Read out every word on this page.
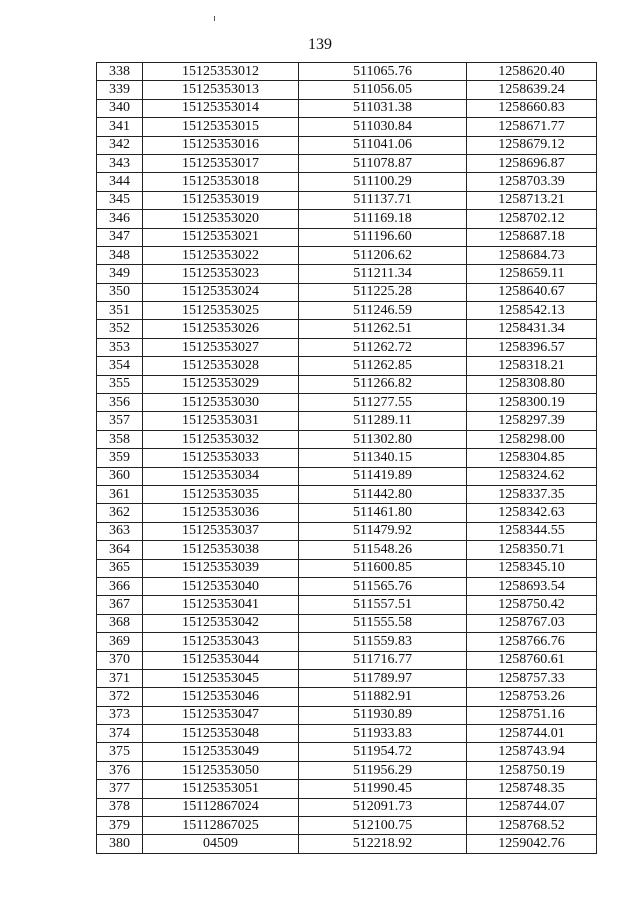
139
338	15125353012	511065.76	1258620.40
339	15125353013	511056.05	1258639.24
340	15125353014	511031.38	1258660.83
341	15125353015	511030.84	1258671.77
342	15125353016	511041.06	1258679.12
343	15125353017	511078.87	1258696.87
344	15125353018	511100.29	1258703.39
345	15125353019	511137.71	1258713.21
346	15125353020	511169.18	1258702.12
347	15125353021	511196.60	1258687.18
348	15125353022	511206.62	1258684.73
349	15125353023	511211.34	1258659.11
350	15125353024	511225.28	1258640.67
351	15125353025	511246.59	1258542.13
352	15125353026	511262.51	1258431.34
353	15125353027	511262.72	1258396.57
354	15125353028	511262.85	1258318.21
355	15125353029	511266.82	1258308.80
356	15125353030	511277.55	1258300.19
357	15125353031	511289.11	1258297.39
358	15125353032	511302.80	1258298.00
359	15125353033	511340.15	1258304.85
360	15125353034	511419.89	1258324.62
361	15125353035	511442.80	1258337.35
362	15125353036	511461.80	1258342.63
363	15125353037	511479.92	1258344.55
364	15125353038	511548.26	1258350.71
365	15125353039	511600.85	1258345.10
366	15125353040	511565.76	1258693.54
367	15125353041	511557.51	1258750.42
368	15125353042	511555.58	1258767.03
369	15125353043	511559.83	1258766.76
370	15125353044	511716.77	1258760.61
371	15125353045	511789.97	1258757.33
372	15125353046	511882.91	1258753.26
373	15125353047	511930.89	1258751.16
374	15125353048	511933.83	1258744.01
375	15125353049	511954.72	1258743.94
376	15125353050	511956.29	1258750.19
377	15125353051	511990.45	1258748.35
378	15112867024	512091.73	1258744.07
379	15112867025	512100.75	1258768.52
380	04509	512218.92	1259042.76
